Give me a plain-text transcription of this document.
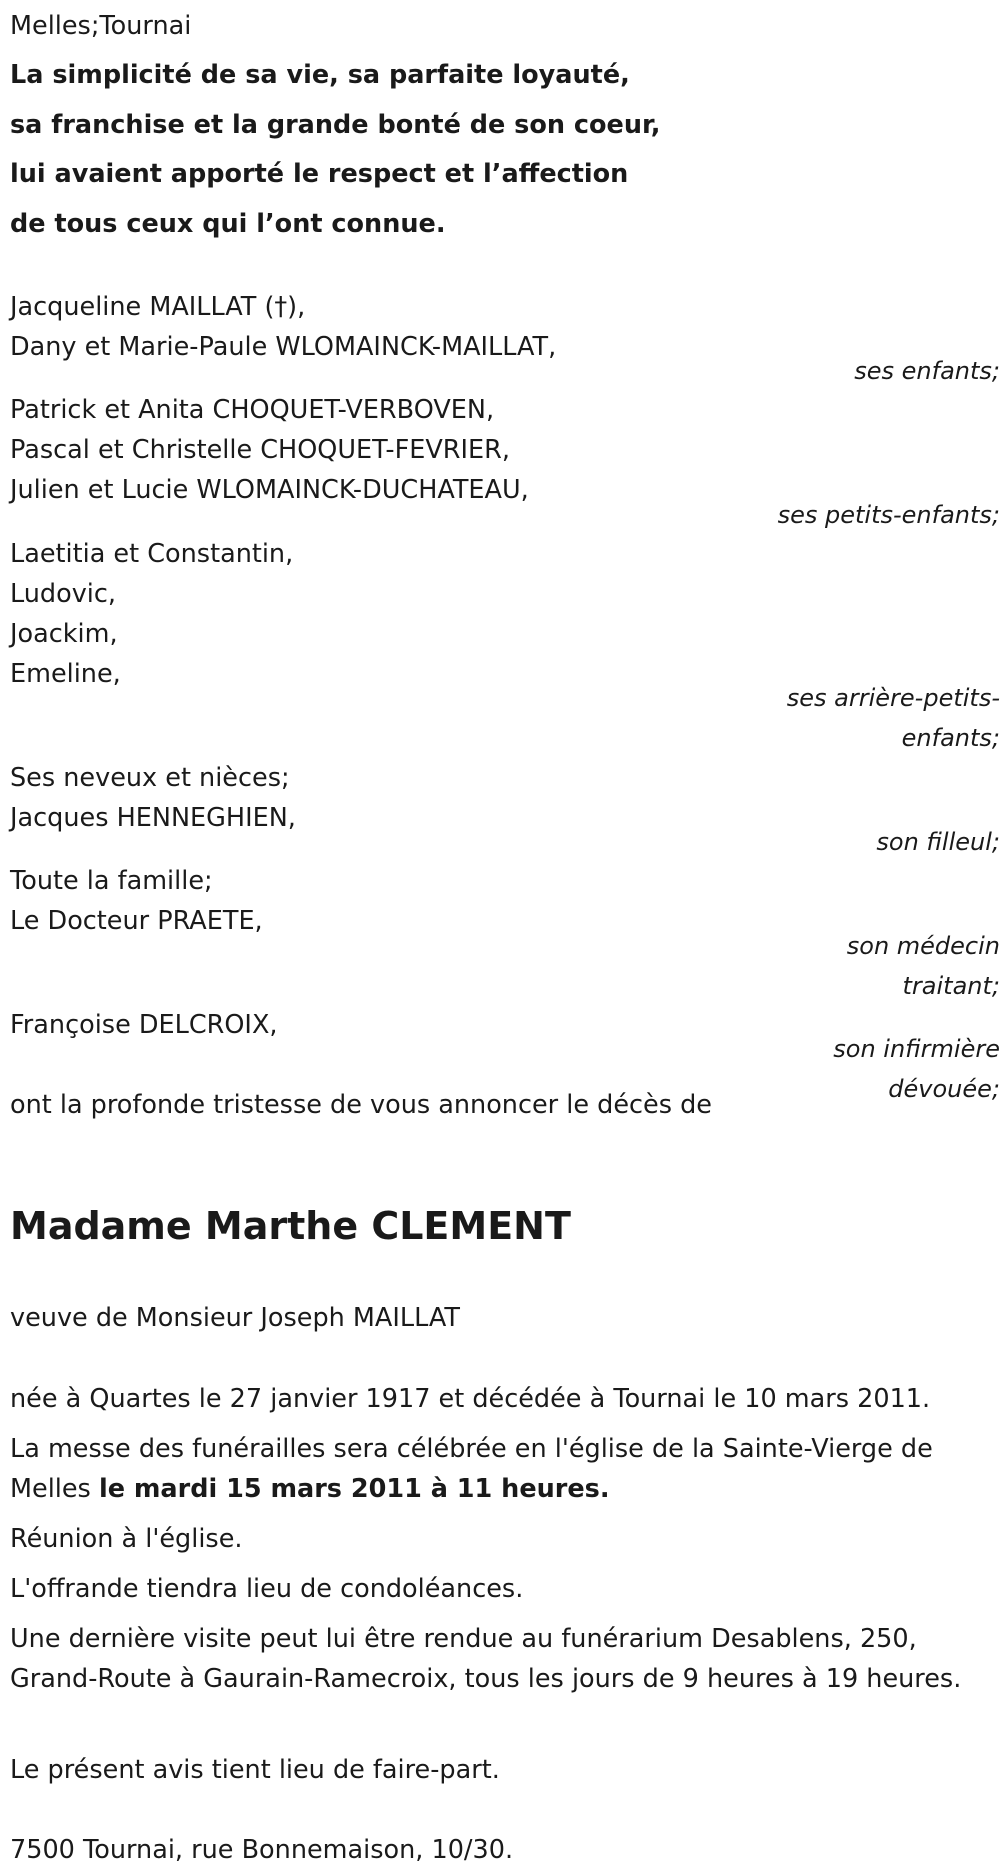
Melles;Tournai
La simplicité de sa vie, sa parfaite loyauté,
sa franchise et la grande bonté de son coeur,
lui avaient apporté le respect et l’affection
de tous ceux qui l’ont connue.
Jacqueline MAILLAT (†),
Dany et Marie-Paule WLOMAINCK-MAILLAT,
ses enfants;
Patrick et Anita CHOQUET-VERBOVEN,
Pascal et Christelle CHOQUET-FEVRIER,
Julien et Lucie WLOMAINCK-DUCHATEAU,
ses petits-enfants;
Laetitia et Constantin,
Ludovic,
Joackim,
Emeline,
ses arrière-petits-enfants;
Ses neveux et nièces;
Jacques HENNEGHIEN,
son filleul;
Toute la famille;
Le Docteur PRAETE,
son médecin traitant;
Françoise DELCROIX,
son infirmière dévouée;
ont la profonde tristesse de vous annoncer le décès de
Madame Marthe CLEMENT
veuve de Monsieur Joseph MAILLAT
née à Quartes le 27 janvier 1917 et décédée à Tournai le 10 mars 2011.
La messe des funérailles sera célébrée en l'église de la Sainte-Vierge de Melles le mardi 15 mars 2011 à 11 heures.
Réunion à l'église.
L'offrande tiendra lieu de condoléances.
Une dernière visite peut lui être rendue au funérarium Desablens, 250, Grand-Route à Gaurain-Ramecroix, tous les jours de 9 heures à 19 heures.
Le présent avis tient lieu de faire-part.
7500 Tournai, rue Bonnemaison, 10/30.
